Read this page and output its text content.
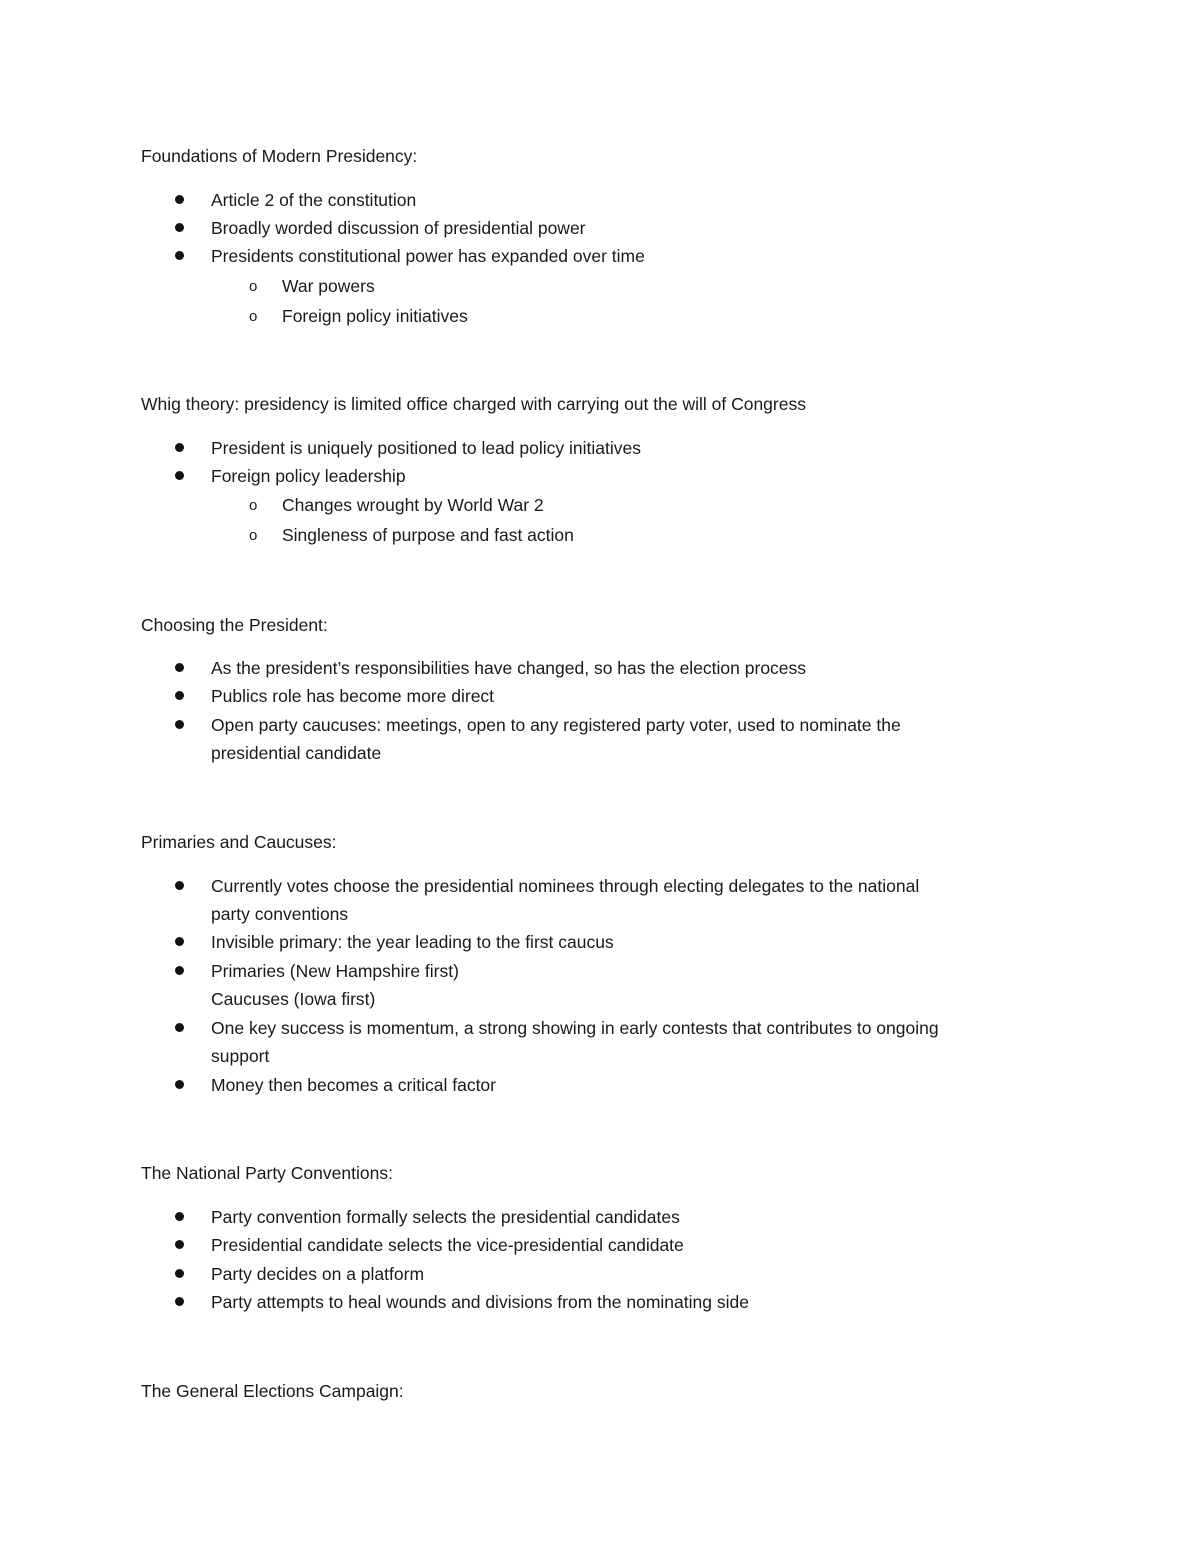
Foundations of Modern Presidency:
Article 2 of the constitution
Broadly worded discussion of presidential power
Presidents constitutional power has expanded over time
o War powers
o Foreign policy initiatives
Whig theory: presidency is limited office charged with carrying out the will of Congress
President is uniquely positioned to lead policy initiatives
Foreign policy leadership
o Changes wrought by World War 2
o Singleness of purpose and fast action
Choosing the President:
As the president’s responsibilities have changed, so has the election process
Publics role has become more direct
Open party caucuses: meetings, open to any registered party voter, used to nominate the
presidential candidate
Primaries and Caucuses:
Currently votes choose the presidential nominees through electing delegates to the national
party conventions
Invisible primary: the year leading to the first caucus
Primaries (New Hampshire first)
Caucuses (Iowa first)
One key success is momentum, a strong showing in early contests that contributes to ongoing
support
Money then becomes a critical factor
The National Party Conventions:
Party convention formally selects the presidential candidates
Presidential candidate selects the vice-presidential candidate
Party decides on a platform
Party attempts to heal wounds and divisions from the nominating side
The General Elections Campaign:
